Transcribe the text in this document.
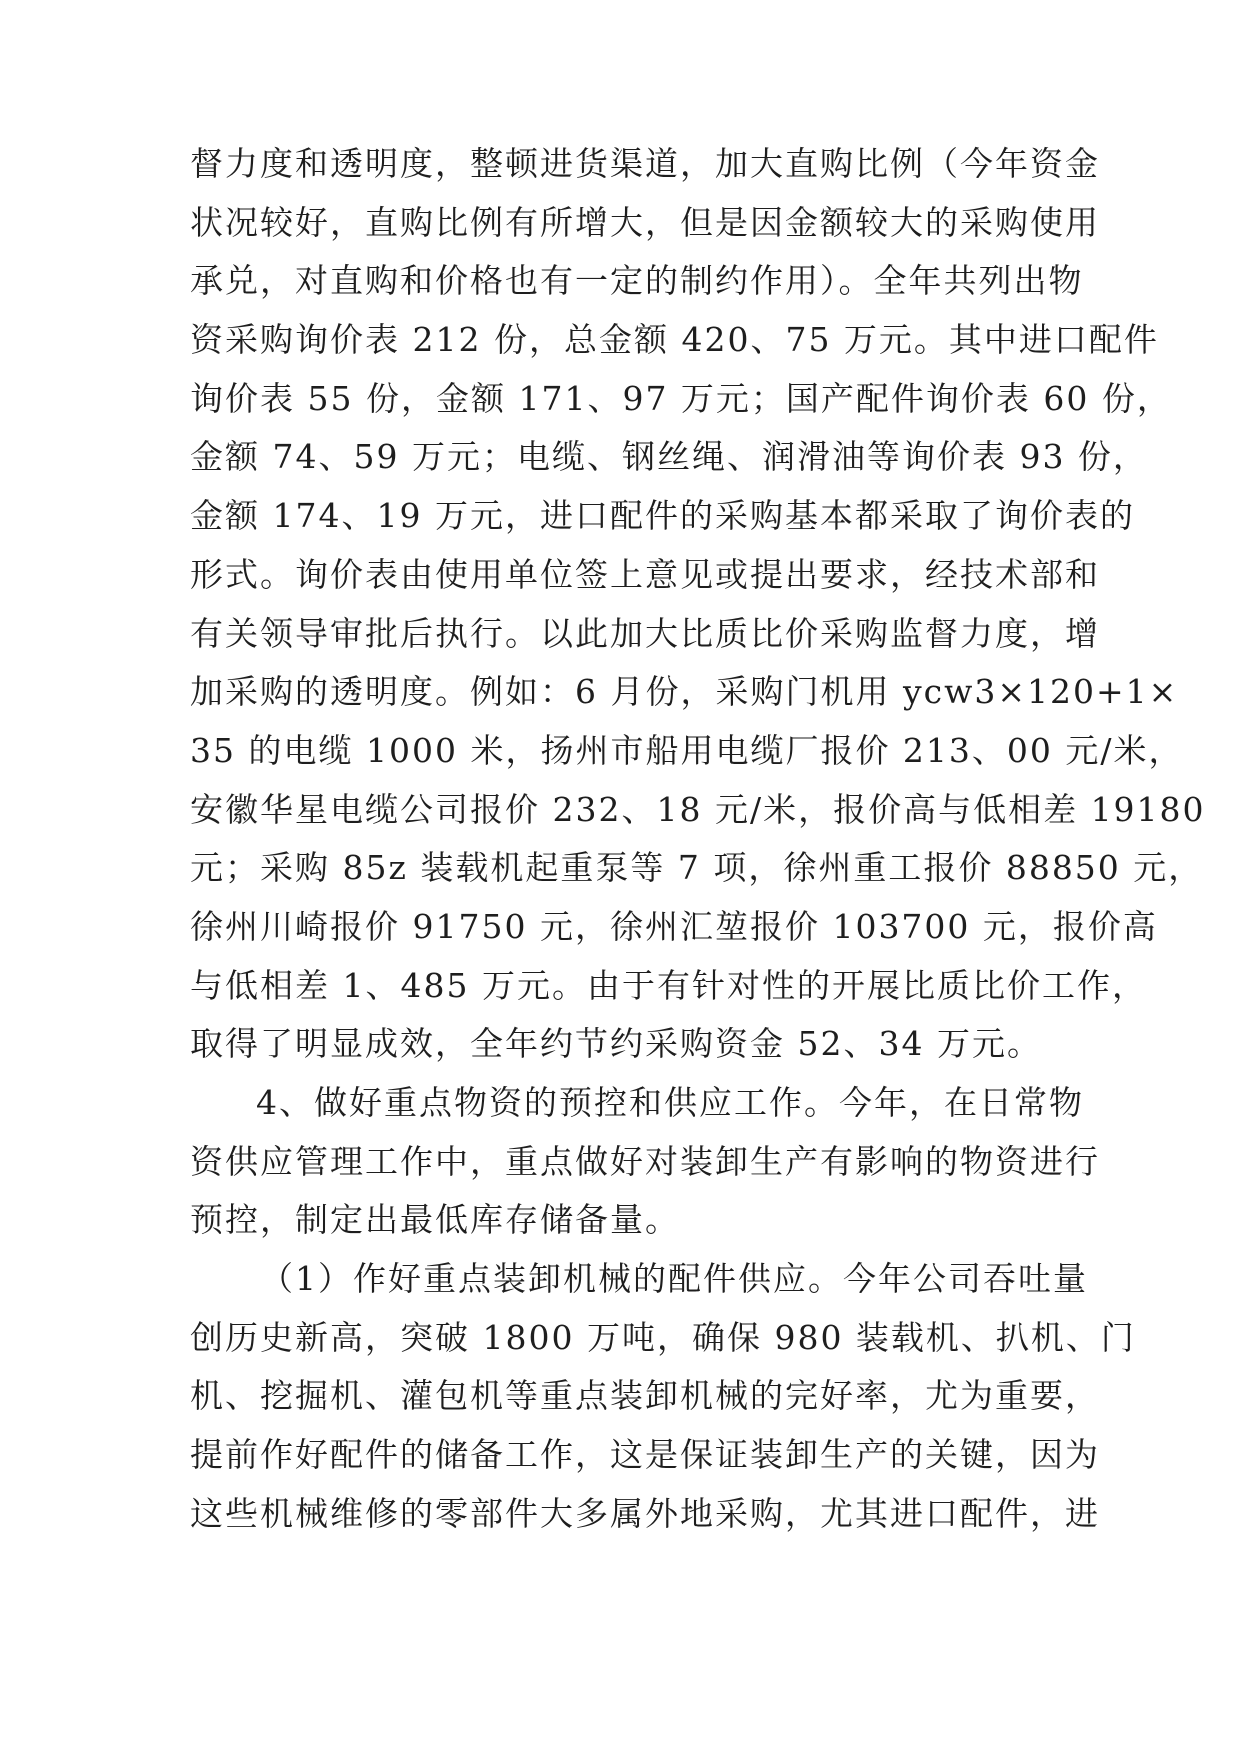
督力度和透明度，整顿进货渠道，加大直购比例（今年资金
状况较好，直购比例有所增大，但是因金额较大的采购使用
承兑，对直购和价格也有一定的制约作用）。全年共列出物
资采购询价表 212 份，总金额 420、75 万元。其中进口配件
询价表 55 份，金额 171、97 万元；国产配件询价表 60 份，
金额 74、59 万元；电缆、钢丝绳、润滑油等询价表 93 份，
金额 174、19 万元，进口配件的采购基本都采取了询价表的
形式。询价表由使用单位签上意见或提出要求，经技术部和
有关领导审批后执行。以此加大比质比价采购监督力度，增
加采购的透明度。例如：6 月份，采购门机用 ycw3×120+1×
35 的电缆 1000 米，扬州市船用电缆厂报价 213、00 元/米，
安徽华星电缆公司报价 232、18 元/米，报价高与低相差 19180
元；采购 85z 装载机起重泵等 7 项，徐州重工报价 88850 元，
徐州川崎报价 91750 元，徐州汇堃报价 103700 元，报价高
与低相差 1、485 万元。由于有针对性的开展比质比价工作，
取得了明显成效，全年约节约采购资金 52、34 万元。
4、做好重点物资的预控和供应工作。今年，在日常物
资供应管理工作中，重点做好对装卸生产有影响的物资进行
预控，制定出最低库存储备量。
（1）作好重点装卸机械的配件供应。今年公司吞吐量
创历史新高，突破 1800 万吨，确保 980 装载机、扒机、门
机、挖掘机、灌包机等重点装卸机械的完好率，尤为重要，
提前作好配件的储备工作，这是保证装卸生产的关键，因为
这些机械维修的零部件大多属外地采购，尤其进口配件，进
